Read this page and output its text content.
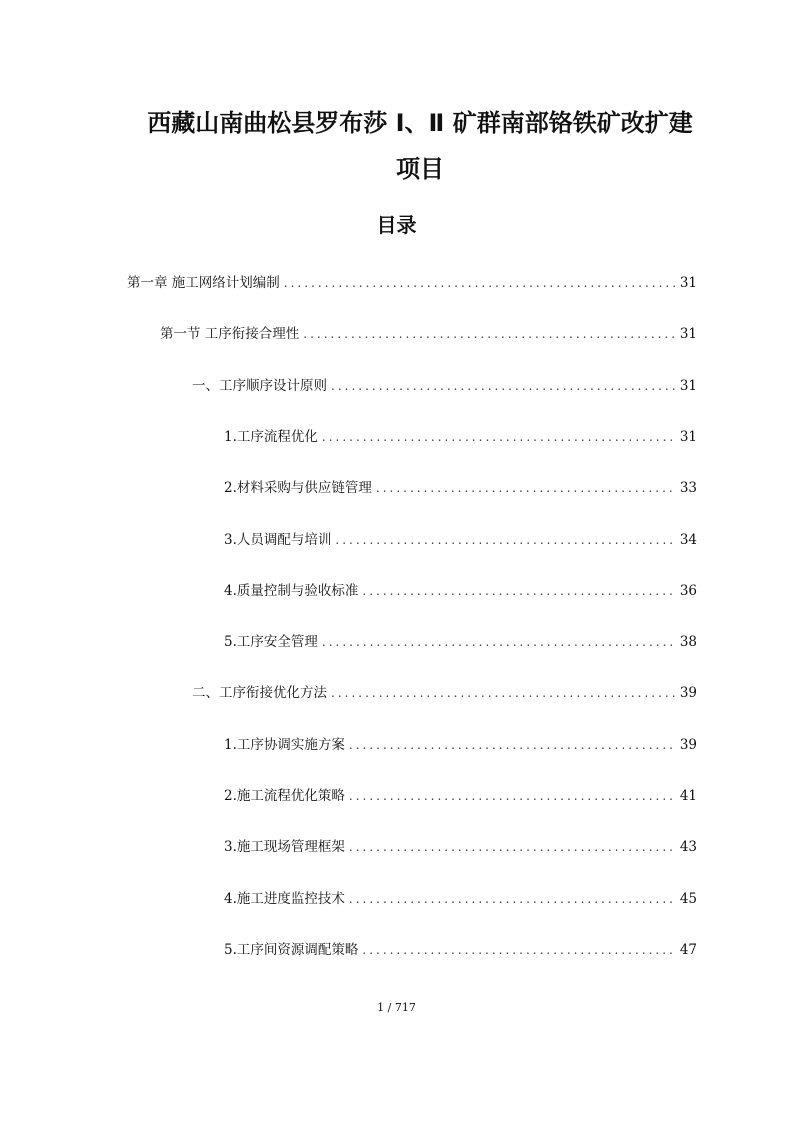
西藏山南曲松县罗布莎 Ⅰ、Ⅱ 矿群南部铬铁矿改扩建
项目
目录
第一章 施工网络计划编制 .....	31
第一节 工序衔接合理性 .....	31
一、工序顺序设计原则 .....	31
1.工序流程优化 .....	31
2.材料采购与供应链管理 .....	33
3.人员调配与培训 .....	34
4.质量控制与验收标准 .....	36
5.工序安全管理 .....	38
二、工序衔接优化方法 .....	39
1.工序协调实施方案 .....	39
2.施工流程优化策略 .....	41
3.施工现场管理框架 .....	43
4.施工进度监控技术 .....	45
5.工序间资源调配策略 .....	47
1 / 717
